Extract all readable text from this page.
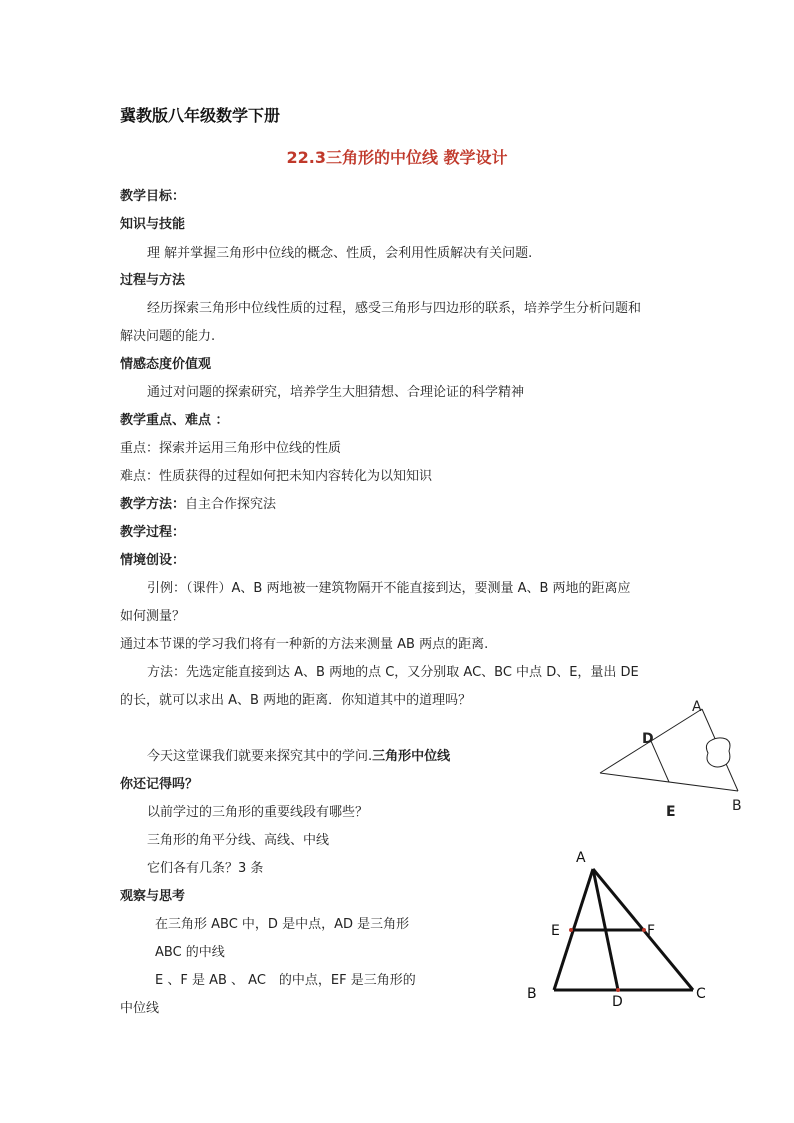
冀教版八年级数学下册
22.3三角形的中位线 教学设计
教学目标：
知识与技能
理 解并掌握三角形中位线的概念、性质，会利用性质解决有关问题.
过程与方法
经历探索三角形中位线性质的过程，感受三角形与四边形的联系，培养学生分析问题和
解决问题的能力.
情感态度价值观
通过对问题的探索研究，培养学生大胆猜想、合理论证的科学精神
教学重点、难点 ：
重点：探索并运用三角形中位线的性质
难点：性质获得的过程如何把未知内容转化为以知知识
教学方法：自主合作探究法
教学过程：
情境创设：
引例：（课件）A、B 两地被一建筑物隔开不能直接到达，要测量 A、B 两地的距离应
如何测量？
通过本节课的学习我们将有一种新的方法来测量 AB 两点的距离.
方法：先选定能直接到达 A、B 两地的点 C，又分别取 AC、BC 中点 D、E，量出 DE
的长，就可以求出 A、B 两地的距离．你知道其中的道理吗？
今天这堂课我们就要来探究其中的学问.三角形中位线
你还记得吗？
以前学过的三角形的重要线段有哪些？
三角形的角平分线、高线、中线
它们各有几条？3 条
观察与思考
在三角形 ABC 中，D 是中点，AD 是三角形
ABC 的中线
E 、F 是 AB 、 AC　的中点，EF 是三角形的
中位线
A
D
E	B
A
E	F
B	D	C
